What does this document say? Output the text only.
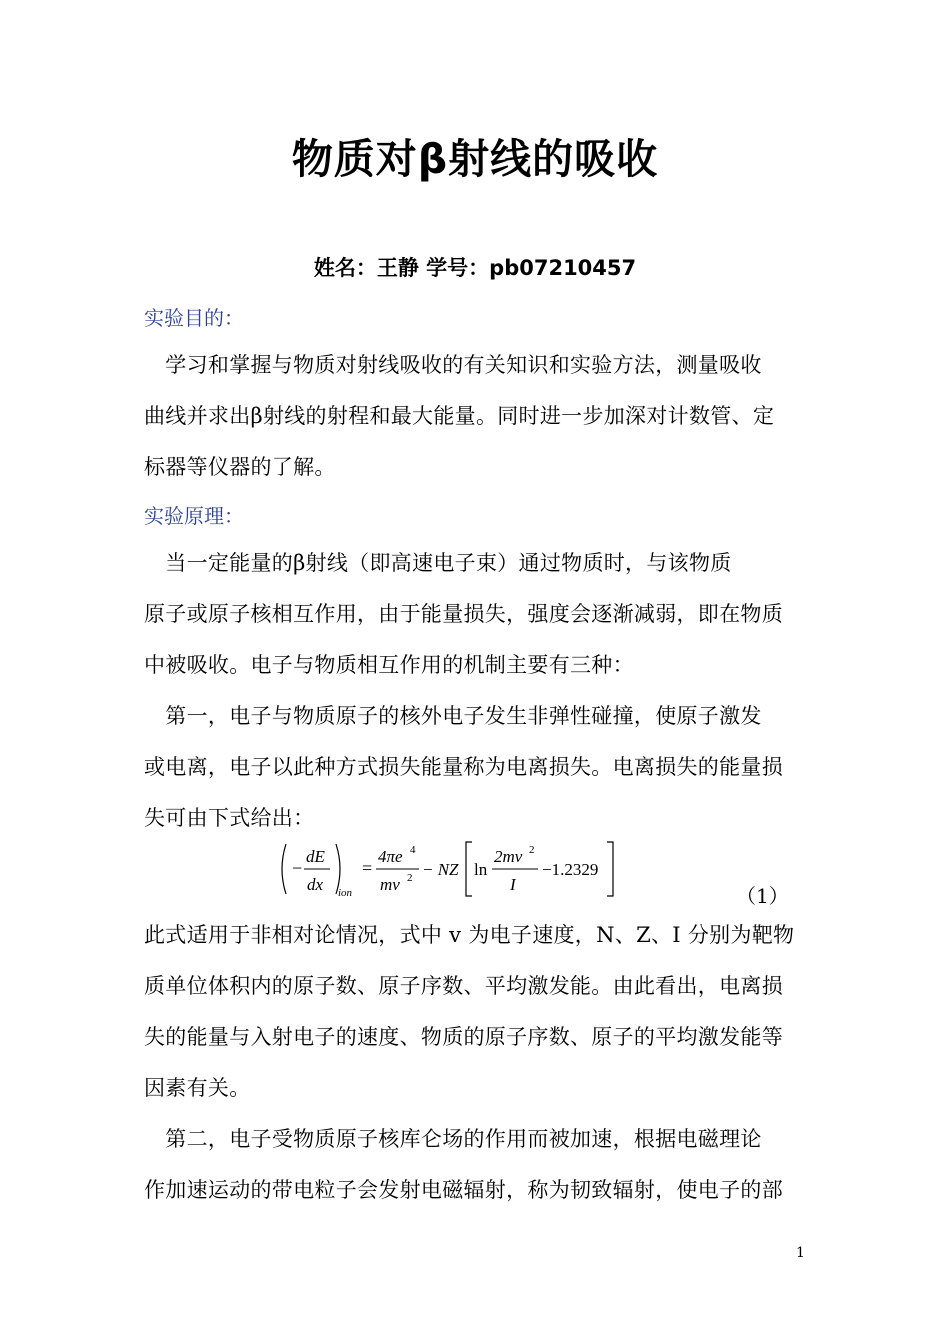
物质对β射线的吸收
姓名：王静 学号：pb07210457
实验目的：
　学习和掌握与物质对射线吸收的有关知识和实验方法，测量吸收
曲线并求出β射线的射程和最大能量。同时进一步加深对计数管、定
标器等仪器的了解。
实验原理：
　当一定能量的β射线（即高速电子束）通过物质时，与该物质
原子或原子核相互作用，由于能量损失，强度会逐渐减弱，即在物质
中被吸收。电子与物质相互作用的机制主要有三种：
　第一，电子与物质原子的核外电子发生非弹性碰撞，使原子激发
或电离，电子以此种方式损失能量称为电离损失。电离损失的能量损
失可由下式给出：
−
dE
dx ion
=
4πe 4
mv 2 − NZ ln
2mv 2
I
−1.2329
（1）
此式适用于非相对论情况，式中 v 为电子速度，N、Z、I 分别为靶物
质单位体积内的原子数、原子序数、平均激发能。由此看出，电离损
失的能量与入射电子的速度、物质的原子序数、原子的平均激发能等
因素有关。
　第二，电子受物质原子核库仑场的作用而被加速，根据电磁理论
作加速运动的带电粒子会发射电磁辐射，称为韧致辐射，使电子的部
1
